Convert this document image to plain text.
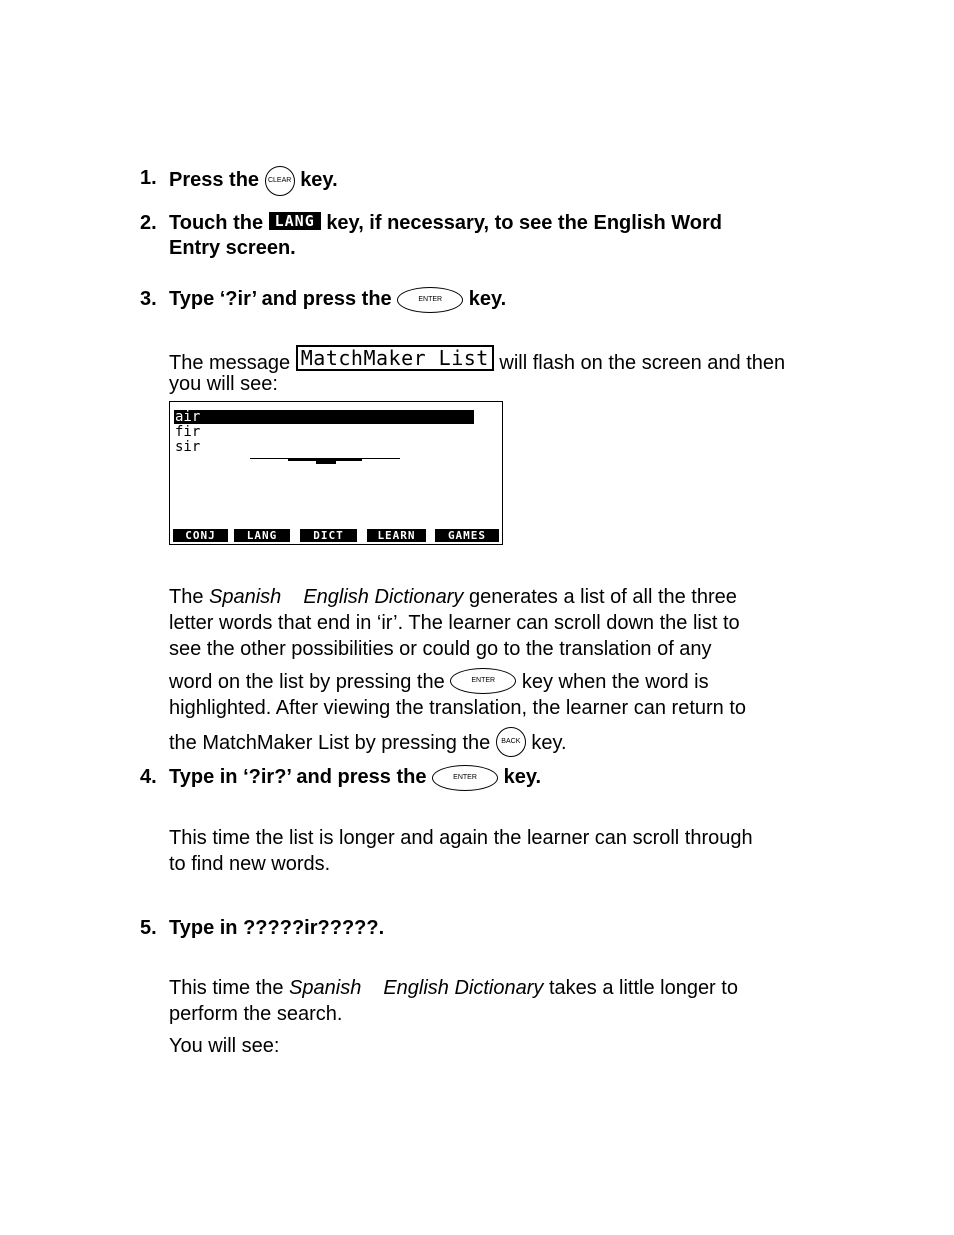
1. Press the CLEAR key.
2. Touch the LANG key, if necessary, to see the English Word
Entry screen.
3. Type ‘?ir’ and press the	ENTER key.
The message MatchMaker List will flash on the screen and then
you will see:
air
fir
sir
CONJ	LANG	DICT	LEARN	GAMES
The Spanish English Dictionary generates a list of all the three
letter words that end in ‘ir’. The learner can scroll down the list to
see the other possibilities or could go to the translation of any
word on the list by pressing the	ENTER key when the word is
highlighted. After viewing the translation, the learner can return to
the MatchMaker List by pressing the BACK key.
4. Type in ‘?ir?’ and press the	ENTER key.
This time the list is longer and again the learner can scroll through
to find new words.
5. Type in ?????ir?????.
This time the Spanish English Dictionary takes a little longer to
perform the search.
You will see:
